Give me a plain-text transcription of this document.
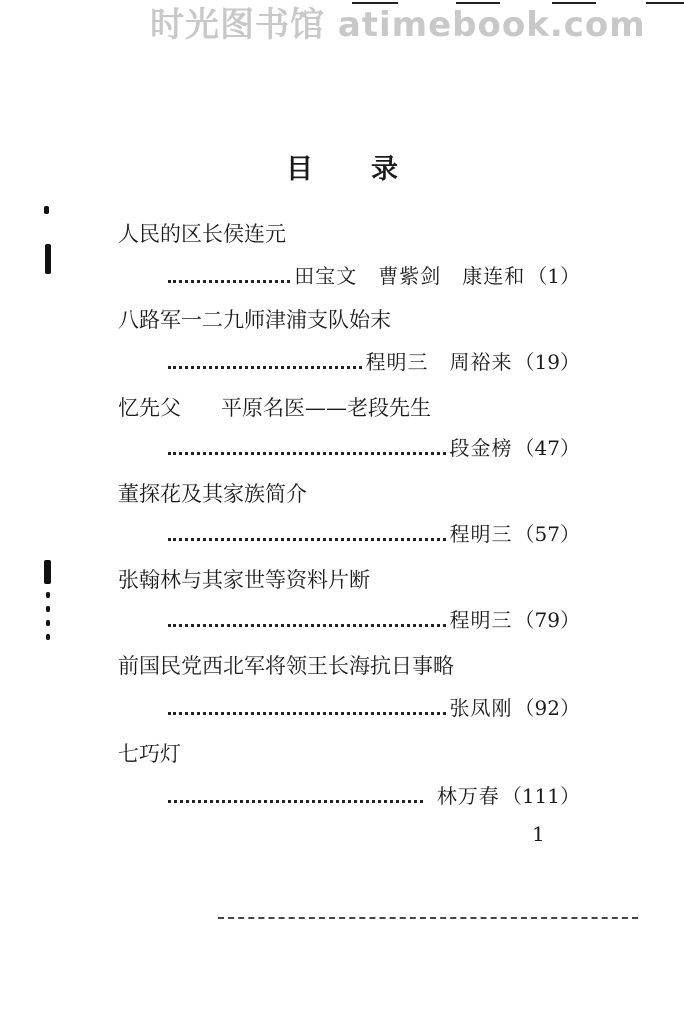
时光图书馆 atimebook.com
目录
人民的区长侯连元
田宝文　曹紫剑　康连和 （1）
八路军一二九师津浦支队始末
程明三　周裕来 （19）
忆先父 平原名医——老段先生
段金榜 （47）
董探花及其家族简介
程明三 （57）
张翰林与其家世等资料片断
程明三 （79）
前国民党西北军将领王长海抗日事略
张凤刚 （92）
七巧灯
林万春 （111）
1
